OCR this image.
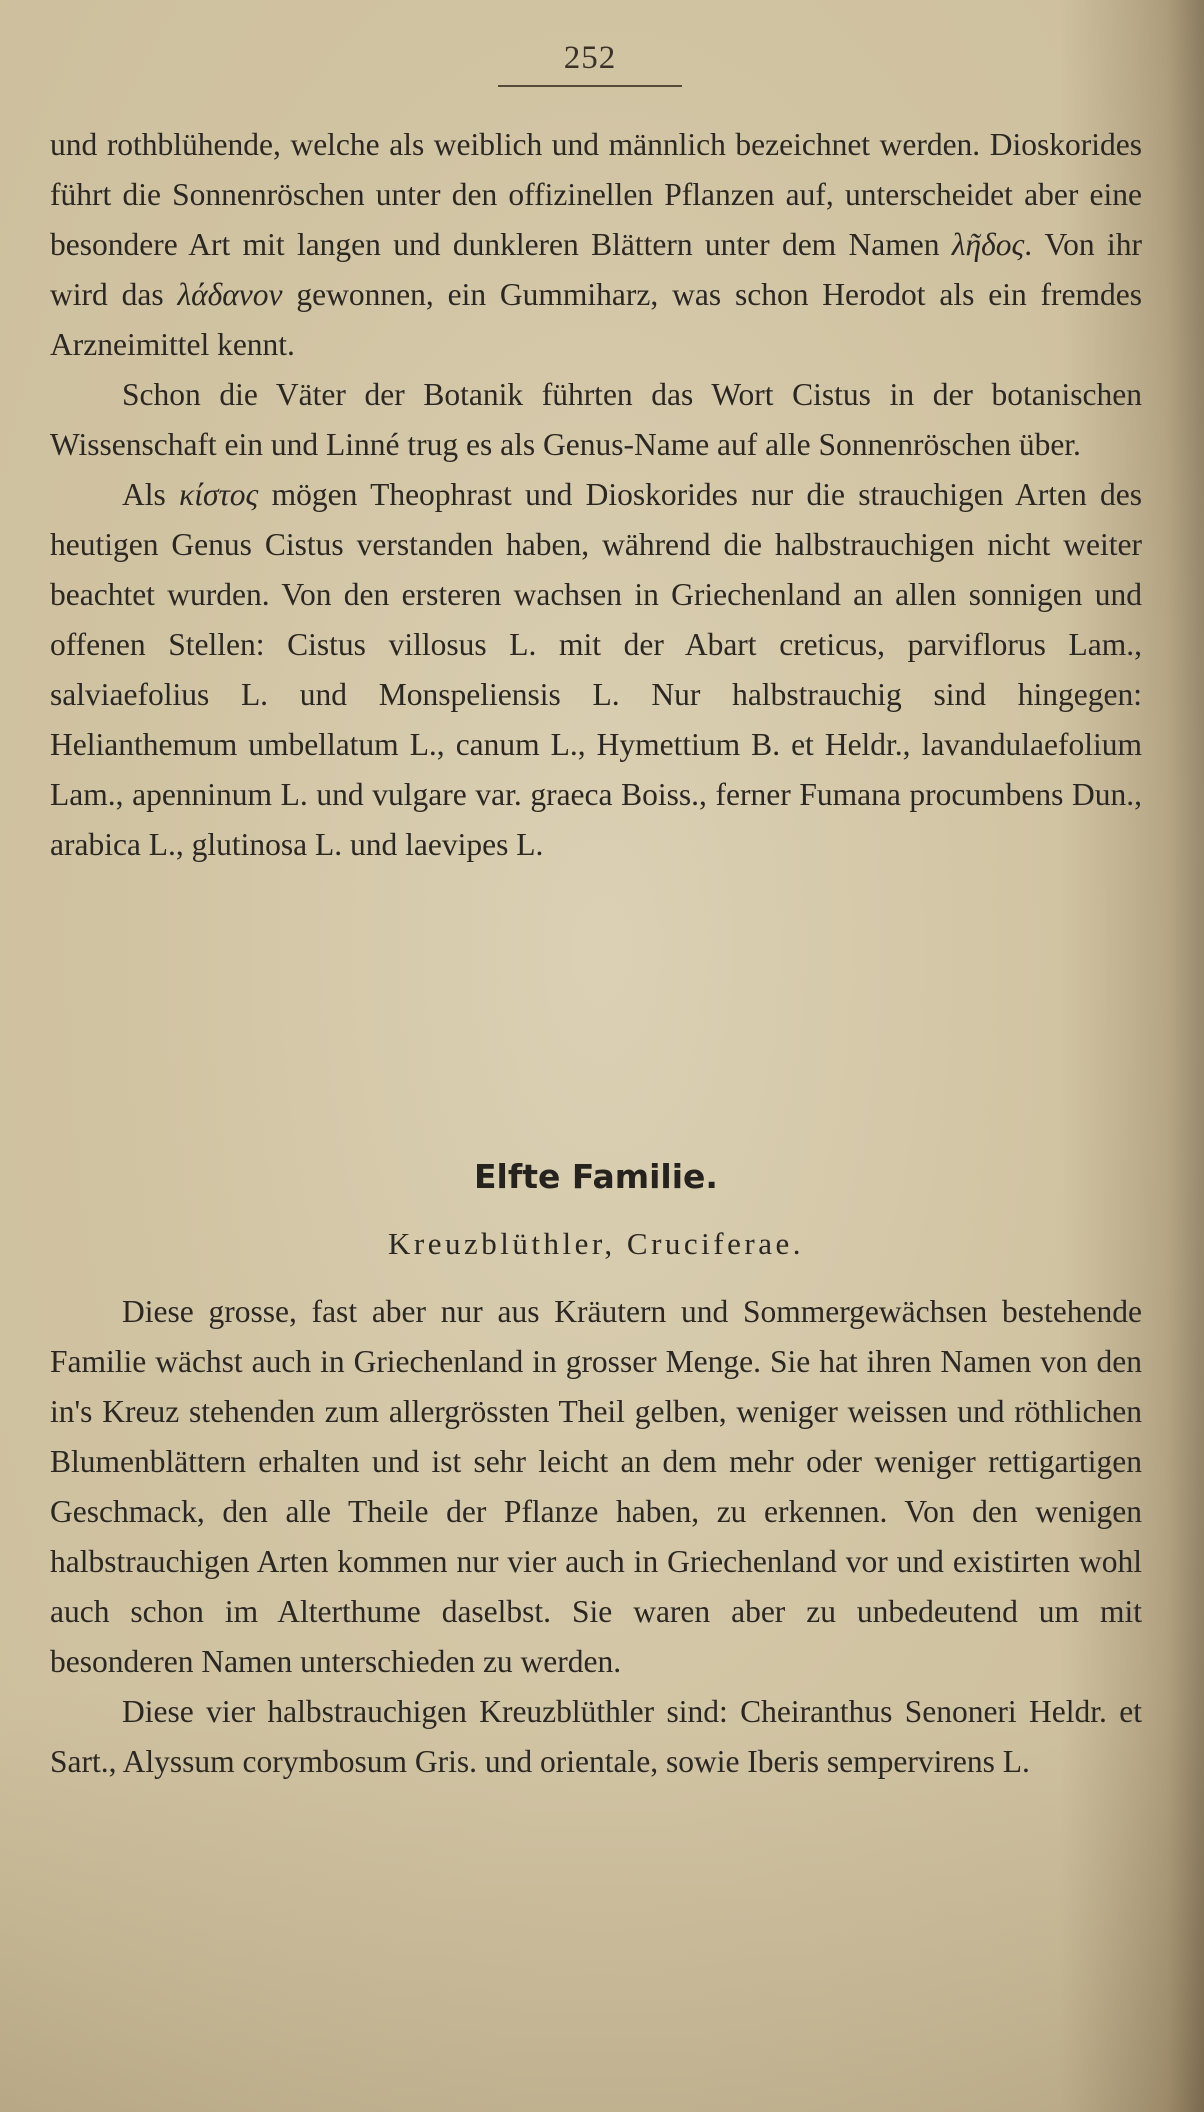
252

und rothblühende, welche als weiblich und männlich bezeichnet werden. Dioskorides führt die Sonnenröschen unter den offizinellen Pflanzen auf, unterscheidet aber eine besondere Art mit langen und dunkleren Blättern unter dem Namen λῆδος. Von ihr wird das λάδανον gewonnen, ein Gummiharz, was schon Herodot als ein fremdes Arzneimittel kennt.

Schon die Väter der Botanik führten das Wort Cistus in der botanischen Wissenschaft ein und Linné trug es als Genus-Name auf alle Sonnenröschen über.

Als κίστος mögen Theophrast und Dioskorides nur die strauchigen Arten des heutigen Genus Cistus verstanden haben, während die halbstrauchigen nicht weiter beachtet wurden. Von den ersteren wachsen in Griechenland an allen sonnigen und offenen Stellen: Cistus villosus L. mit der Abart creticus, parviflorus Lam., salviaefolius L. und Monspeliensis L. Nur halbstrauchig sind hingegen: Helianthemum umbellatum L., canum L., Hymettium B. et Heldr., lavandulaefolium Lam., apenninum L. und vulgare var. graeca Boiss., ferner Fumana procumbens Dun., arabica L., glutinosa L. und laevipes L.

Elfte Familie.
Kreuzblüthler, Cruciferae.

Diese grosse, fast aber nur aus Kräutern und Sommergewächsen bestehende Familie wächst auch in Griechenland in grosser Menge. Sie hat ihren Namen von den in's Kreuz stehenden zum allergrössten Theil gelben, weniger weissen und röthlichen Blumenblättern erhalten und ist sehr leicht an dem mehr oder weniger rettigartigen Geschmack, den alle Theile der Pflanze haben, zu erkennen. Von den wenigen halbstrauchigen Arten kommen nur vier auch in Griechenland vor und existirten wohl auch schon im Alterthume daselbst. Sie waren aber zu unbedeutend um mit besonderen Namen unterschieden zu werden.

Diese vier halbstrauchigen Kreuzblüthler sind: Cheiranthus Senoneri Heldr. et Sart., Alyssum corymbosum Gris. und orientale, sowie Iberis sempervirens L.
